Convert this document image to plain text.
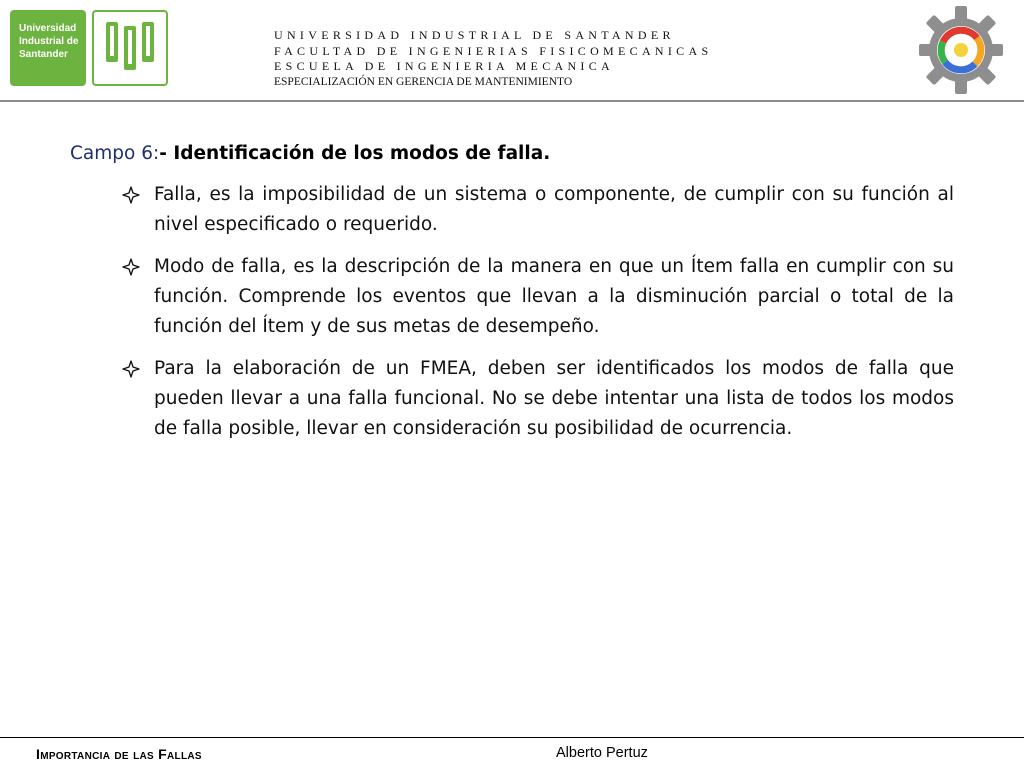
Universidad
Industrial de
Santander
UNIVERSIDAD INDUSTRIAL DE SANTANDER
FACULTAD DE INGENIERIAS FISICOMECANICAS
ESCUELA DE INGENIERIA MECANICA
ESPECIALIZACIÓN EN GERENCIA DE MANTENIMIENTO
Campo 6:- Identificación de los modos de falla.
Falla, es la imposibilidad de un sistema o componente, de cumplir con su función al nivel especificado o requerido.
Modo de falla, es la descripción de la manera en que un Ítem falla en cumplir con su función. Comprende los eventos que llevan a la disminución parcial o total de la función del Ítem y de sus metas de desempeño.
Para la elaboración de un FMEA, deben ser identificados los modos de falla que pueden llevar a una falla funcional. No se debe intentar una lista de todos los modos de falla posible, llevar en consideración su posibilidad de ocurrencia.
Importancia de las Fallas	Alberto Pertuz
